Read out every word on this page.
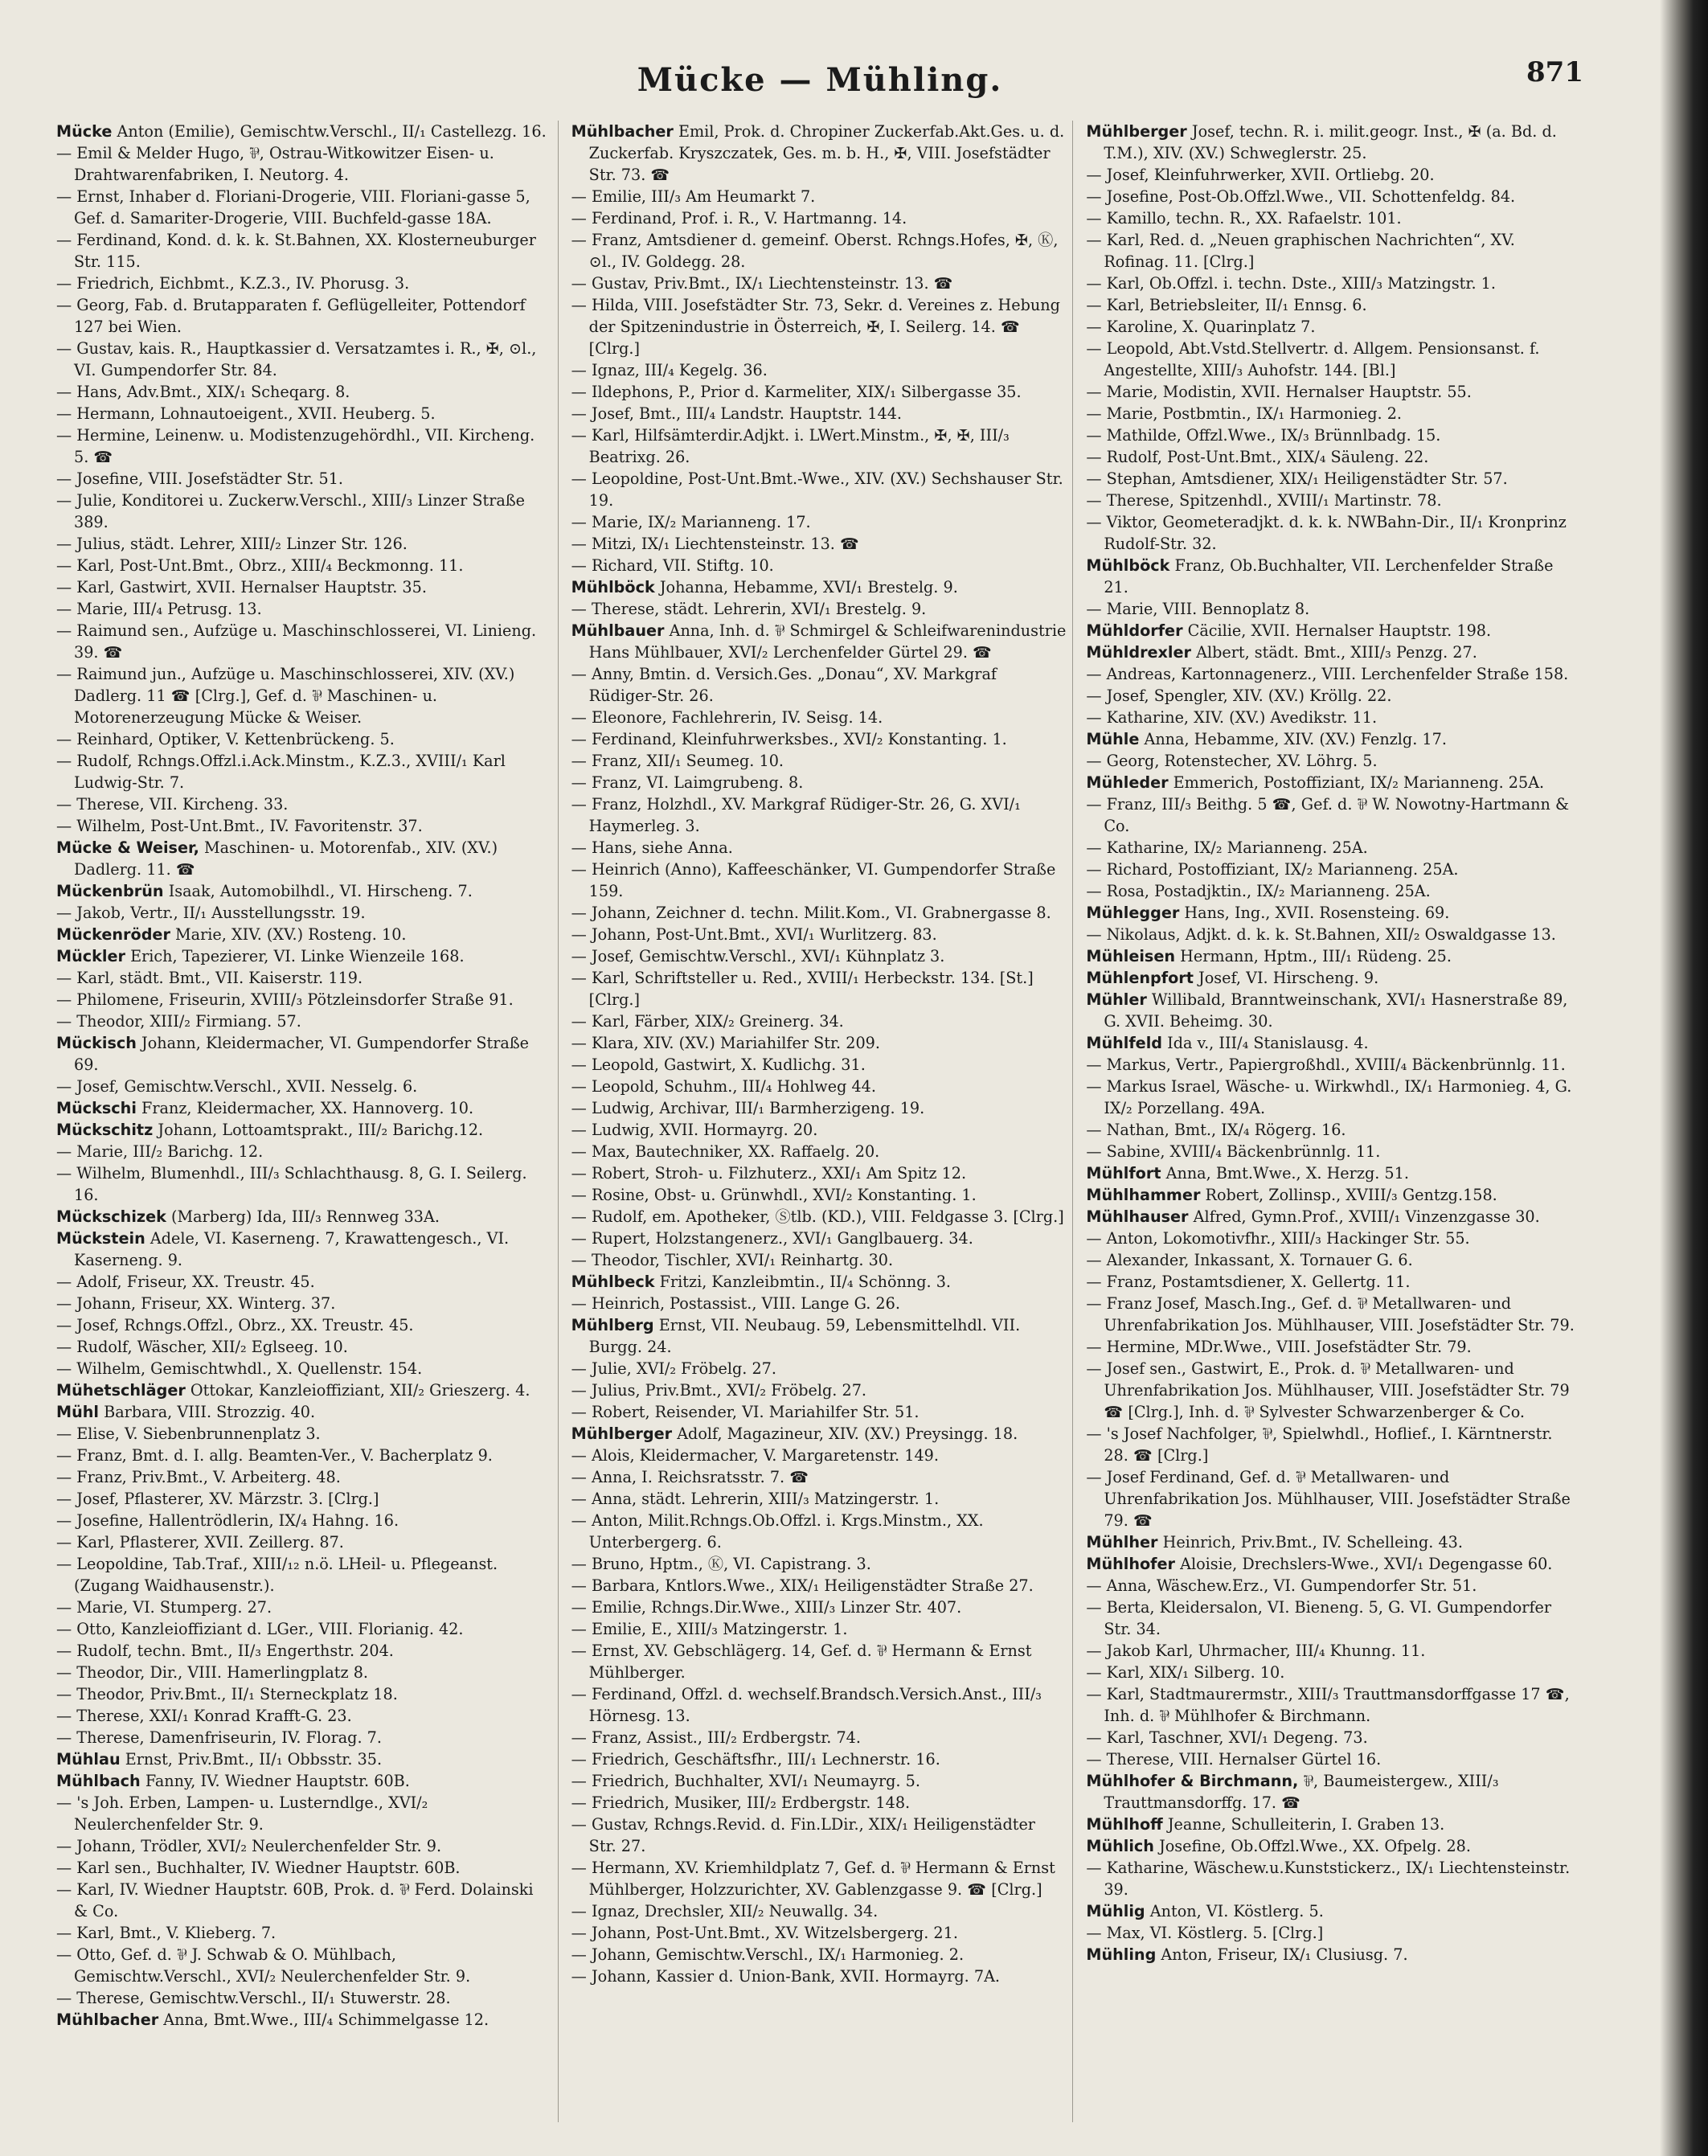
Mücke — Mühling.	871

Mücke Anton (Emilie), Gemischtw.Verschl., II/₁ Castellezg. 16.

— Emil & Melder Hugo, ⅌, Ostrau-Witkowitzer Eisen- u. Drahtwarenfabriken, I. Neutorg. 4.

— Ernst, Inhaber d. Floriani-Drogerie, VIII. Floriani-gasse 5, Gef. d. Samariter-Drogerie, VIII. Buchfeld-gasse 18A.

— Ferdinand, Kond. d. k. k. St.Bahnen, XX. Klosterneuburger Str. 115.

— Friedrich, Eichbmt., K.Z.3., IV. Phorusg. 3.

— Georg, Fab. d. Brutapparaten f. Geflügelleiter, Pottendorf 127 bei Wien.

— Gustav, kais. R., Hauptkassier d. Versatzamtes i. R., ✠, ⊙l., VI. Gumpendorfer Str. 84.

— Hans, Adv.Bmt., XIX/₁ Scheqarg. 8.

— Hermann, Lohnautoeigent., XVII. Heuberg. 5.

— Hermine, Leinenw. u. Modistenzugehördhl., VII. Kircheng. 5. ☎

— Josefine, VIII. Josefstädter Str. 51.

— Julie, Konditorei u. Zuckerw.Verschl., XIII/₃ Linzer Straße 389.

— Julius, städt. Lehrer, XIII/₂ Linzer Str. 126.

— Karl, Post-Unt.Bmt., Obrz., XIII/₄ Beckmonng. 11.

— Karl, Gastwirt, XVII. Hernalser Hauptstr. 35.

— Marie, III/₄ Petrusg. 13.

— Raimund sen., Aufzüge u. Maschinschlosserei, VI. Linieng. 39. ☎

— Raimund jun., Aufzüge u. Maschinschlosserei, XIV. (XV.) Dadlerg. 11 ☎ [Clrg.], Gef. d. ⅌ Maschinen- u. Motorenerzeugung Mücke & Weiser.

— Reinhard, Optiker, V. Kettenbrückeng. 5.

— Rudolf, Rchngs.Offzl.i.Ack.Minstm., K.Z.3., XVIII/₁ Karl Ludwig-Str. 7.

— Therese, VII. Kircheng. 33.

— Wilhelm, Post-Unt.Bmt., IV. Favoritenstr. 37.

Mücke & Weiser, Maschinen- u. Motorenfab., XIV. (XV.) Dadlerg. 11. ☎

Mückenbrün Isaak, Automobilhdl., VI. Hirscheng. 7.

— Jakob, Vertr., II/₁ Ausstellungsstr. 19.

Mückenröder Marie, XIV. (XV.) Rosteng. 10.

Mückler Erich, Tapezierer, VI. Linke Wienzeile 168.

— Karl, städt. Bmt., VII. Kaiserstr. 119.

— Philomene, Friseurin, XVIII/₃ Pötzleinsdorfer Straße 91.

— Theodor, XIII/₂ Firmiang. 57.

Mückisch Johann, Kleidermacher, VI. Gumpendorfer Straße 69.

— Josef, Gemischtw.Verschl., XVII. Nesselg. 6.

Mückschi Franz, Kleidermacher, XX. Hannoverg. 10.

Mückschitz Johann, Lottoamtsprakt., III/₂ Barichg.12.

— Marie, III/₂ Barichg. 12.

— Wilhelm, Blumenhdl., III/₃ Schlachthausg. 8, G. I. Seilerg. 16.

Mückschizek (Marberg) Ida, III/₃ Rennweg 33A.

Mückstein Adele, VI. Kaserneng. 7, Krawattengesch., VI. Kaserneng. 9.

— Adolf, Friseur, XX. Treustr. 45.

— Johann, Friseur, XX. Winterg. 37.

— Josef, Rchngs.Offzl., Obrz., XX. Treustr. 45.

— Rudolf, Wäscher, XII/₂ Eglseeg. 10.

— Wilhelm, Gemischtwhdl., X. Quellenstr. 154.

Mühetschläger Ottokar, Kanzleioffiziant, XII/₂ Grieszerg. 4.

Mühl Barbara, VIII. Strozzig. 40.

— Elise, V. Siebenbrunnenplatz 3.

— Franz, Bmt. d. I. allg. Beamten-Ver., V. Bacherplatz 9.

— Franz, Priv.Bmt., V. Arbeiterg. 48.

— Josef, Pflasterer, XV. Märzstr. 3. [Clrg.]

— Josefine, Hallentrödlerin, IX/₄ Hahng. 16.

— Karl, Pflasterer, XVII. Zeillerg. 87.

— Leopoldine, Tab.Traf., XIII/₁₂ n.ö. LHeil- u. Pflegeanst. (Zugang Waidhausenstr.).

— Marie, VI. Stumperg. 27.

— Otto, Kanzleioffiziant d. LGer., VIII. Florianig. 42.

— Rudolf, techn. Bmt., II/₃ Engerthstr. 204.

— Theodor, Dir., VIII. Hamerlingplatz 8.

— Theodor, Priv.Bmt., II/₁ Sterneckplatz 18.

— Therese, XXI/₁ Konrad Krafft-G. 23.

— Therese, Damenfriseurin, IV. Florag. 7.

Mühlau Ernst, Priv.Bmt., II/₁ Obbsstr. 35.

Mühlbach Fanny, IV. Wiedner Hauptstr. 60B.

— 's Joh. Erben, Lampen- u. Lusterndlge., XVI/₂ Neulerchenfelder Str. 9.

— Johann, Trödler, XVI/₂ Neulerchenfelder Str. 9.

— Karl sen., Buchhalter, IV. Wiedner Hauptstr. 60B.

— Karl, IV. Wiedner Hauptstr. 60B, Prok. d. ⅌ Ferd. Dolainski & Co.

— Karl, Bmt., V. Klieberg. 7.

— Otto, Gef. d. ⅌ J. Schwab & O. Mühlbach, Gemischtw.Verschl., XVI/₂ Neulerchenfelder Str. 9.

— Therese, Gemischtw.Verschl., II/₁ Stuwerstr. 28.

Mühlbacher Anna, Bmt.Wwe., III/₄ Schimmelgasse 12.

Mühlbacher Emil, Prok. d. Chropiner Zuckerfab.Akt.Ges. u. d. Zuckerfab. Kryszczatek, Ges. m. b. H., ✠, VIII. Josefstädter Str. 73. ☎

— Emilie, III/₃ Am Heumarkt 7.

— Ferdinand, Prof. i. R., V. Hartmanng. 14.

— Franz, Amtsdiener d. gemeinf. Oberst. Rchngs.Hofes, ✠, Ⓚ, ⊙l., IV. Goldegg. 28.

— Gustav, Priv.Bmt., IX/₁ Liechtensteinstr. 13. ☎

— Hilda, VIII. Josefstädter Str. 73, Sekr. d. Vereines z. Hebung der Spitzenindustrie in Österreich, ✠, I. Seilerg. 14. ☎ [Clrg.]

— Ignaz, III/₄ Kegelg. 36.

— Ildephons, P., Prior d. Karmeliter, XIX/₁ Silbergasse 35.

— Josef, Bmt., III/₄ Landstr. Hauptstr. 144.

— Karl, Hilfsämterdir.Adjkt. i. LWert.Minstm., ✠, ✠, III/₃ Beatrixg. 26.

— Leopoldine, Post-Unt.Bmt.-Wwe., XIV. (XV.) Sechshauser Str. 19.

— Marie, IX/₂ Marianneng. 17.

— Mitzi, IX/₁ Liechtensteinstr. 13. ☎

— Richard, VII. Stiftg. 10.

Mühlböck Johanna, Hebamme, XVI/₁ Brestelg. 9.

— Therese, städt. Lehrerin, XVI/₁ Brestelg. 9.

Mühlbauer Anna, Inh. d. ⅌ Schmirgel & Schleifwarenindustrie Hans Mühlbauer, XVI/₂ Lerchenfelder Gürtel 29. ☎

— Anny, Bmtin. d. Versich.Ges. „Donau“, XV. Markgraf Rüdiger-Str. 26.

— Eleonore, Fachlehrerin, IV. Seisg. 14.

— Ferdinand, Kleinfuhrwerksbes., XVI/₂ Konstanting. 1.

— Franz, XII/₁ Seumeg. 10.

— Franz, VI. Laimgrubeng. 8.

— Franz, Holzhdl., XV. Markgraf Rüdiger-Str. 26, G. XVI/₁ Haymerleg. 3.

— Hans, siehe Anna.

— Heinrich (Anno), Kaffeeschänker, VI. Gumpendorfer Straße 159.

— Johann, Zeichner d. techn. Milit.Kom., VI. Grabnergasse 8.

— Johann, Post-Unt.Bmt., XVI/₁ Wurlitzerg. 83.

— Josef, Gemischtw.Verschl., XVI/₁ Kühnplatz 3.

— Karl, Schriftsteller u. Red., XVIII/₁ Herbeckstr. 134. [St.] [Clrg.]

— Karl, Färber, XIX/₂ Greinerg. 34.

— Klara, XIV. (XV.) Mariahilfer Str. 209.

— Leopold, Gastwirt, X. Kudlichg. 31.

— Leopold, Schuhm., III/₄ Hohlweg 44.

— Ludwig, Archivar, III/₁ Barmherzigeng. 19.

— Ludwig, XVII. Hormayrg. 20.

— Max, Bautechniker, XX. Raffaelg. 20.

— Robert, Stroh- u. Filzhuterz., XXI/₁ Am Spitz 12.

— Rosine, Obst- u. Grünwhdl., XVI/₂ Konstanting. 1.

— Rudolf, em. Apotheker, Ⓢtlb. (KD.), VIII. Feldgasse 3. [Clrg.]

— Rupert, Holzstangenerz., XVI/₁ Ganglbauerg. 34.

— Theodor, Tischler, XVI/₁ Reinhartg. 30.

Mühlbeck Fritzi, Kanzleibmtin., II/₄ Schönng. 3.

— Heinrich, Postassist., VIII. Lange G. 26.

Mühlberg Ernst, VII. Neubaug. 59, Lebensmittelhdl. VII. Burgg. 24.

— Julie, XVI/₂ Fröbelg. 27.

— Julius, Priv.Bmt., XVI/₂ Fröbelg. 27.

— Robert, Reisender, VI. Mariahilfer Str. 51.

Mühlberger Adolf, Magazineur, XIV. (XV.) Preysingg. 18.

— Alois, Kleidermacher, V. Margaretenstr. 149.

— Anna, I. Reichsratsstr. 7. ☎

— Anna, städt. Lehrerin, XIII/₃ Matzingerstr. 1.

— Anton, Milit.Rchngs.Ob.Offzl. i. Krgs.Minstm., XX. Unterbergerg. 6.

— Bruno, Hptm., Ⓚ, VI. Capistrang. 3.

— Barbara, Kntlors.Wwe., XIX/₁ Heiligenstädter Straße 27.

— Emilie, Rchngs.Dir.Wwe., XIII/₃ Linzer Str. 407.

— Emilie, E., XIII/₃ Matzingerstr. 1.

— Ernst, XV. Gebschlägerg. 14, Gef. d. ⅌ Hermann & Ernst Mühlberger.

— Ferdinand, Offzl. d. wechself.Brandsch.Versich.Anst., III/₃ Hörnesg. 13.

— Franz, Assist., III/₂ Erdbergstr. 74.

— Friedrich, Geschäftsfhr., III/₁ Lechnerstr. 16.

— Friedrich, Buchhalter, XVI/₁ Neumayrg. 5.

— Friedrich, Musiker, III/₂ Erdbergstr. 148.

— Gustav, Rchngs.Revid. d. Fin.LDir., XIX/₁ Heiligenstädter Str. 27.

— Hermann, XV. Kriemhildplatz 7, Gef. d. ⅌ Hermann & Ernst Mühlberger, Holzzurichter, XV. Gablenzgasse 9. ☎ [Clrg.]

— Ignaz, Drechsler, XII/₂ Neuwallg. 34.

— Johann, Post-Unt.Bmt., XV. Witzelsbergerg. 21.

— Johann, Gemischtw.Verschl., IX/₁ Harmonieg. 2.

— Johann, Kassier d. Union-Bank, XVII. Hormayrg. 7A.

Mühlberger Josef, techn. R. i. milit.geogr. Inst., ✠ (a. Bd. d. T.M.), XIV. (XV.) Schweglerstr. 25.

— Josef, Kleinfuhrwerker, XVII. Ortliebg. 20.

— Josefine, Post-Ob.Offzl.Wwe., VII. Schottenfeldg. 84.

— Kamillo, techn. R., XX. Rafaelstr. 101.

— Karl, Red. d. „Neuen graphischen Nachrichten“, XV. Rofinag. 11. [Clrg.]

— Karl, Ob.Offzl. i. techn. Dste., XIII/₃ Matzingstr. 1.

— Karl, Betriebsleiter, II/₁ Ennsg. 6.

— Karoline, X. Quarinplatz 7.

— Leopold, Abt.Vstd.Stellvertr. d. Allgem. Pensionsanst. f. Angestellte, XIII/₃ Auhofstr. 144. [Bl.]

— Marie, Modistin, XVII. Hernalser Hauptstr. 55.

— Marie, Postbmtin., IX/₁ Harmonieg. 2.

— Mathilde, Offzl.Wwe., IX/₃ Brünnlbadg. 15.

— Rudolf, Post-Unt.Bmt., XIX/₄ Säuleng. 22.

— Stephan, Amtsdiener, XIX/₁ Heiligenstädter Str. 57.

— Therese, Spitzenhdl., XVIII/₁ Martinstr. 78.

— Viktor, Geometeradjkt. d. k. k. NWBahn-Dir., II/₁ Kronprinz Rudolf-Str. 32.

Mühlböck Franz, Ob.Buchhalter, VII. Lerchenfelder Straße 21.

— Marie, VIII. Bennoplatz 8.

Mühldorfer Cäcilie, XVII. Hernalser Hauptstr. 198.

Mühldrexler Albert, städt. Bmt., XIII/₃ Penzg. 27.

— Andreas, Kartonnagenerz., VIII. Lerchenfelder Straße 158.

— Josef, Spengler, XIV. (XV.) Kröllg. 22.

— Katharine, XIV. (XV.) Avedikstr. 11.

Mühle Anna, Hebamme, XIV. (XV.) Fenzlg. 17.

— Georg, Rotenstecher, XV. Löhrg. 5.

Mühleder Emmerich, Postoffiziant, IX/₂ Marianneng. 25A.

— Franz, III/₃ Beithg. 5 ☎, Gef. d. ⅌ W. Nowotny-Hartmann & Co.

— Katharine, IX/₂ Marianneng. 25A.

— Richard, Postoffiziant, IX/₂ Marianneng. 25A.

— Rosa, Postadjktin., IX/₂ Marianneng. 25A.

Mühlegger Hans, Ing., XVII. Rosensteing. 69.

— Nikolaus, Adjkt. d. k. k. St.Bahnen, XII/₂ Oswaldgasse 13.

Mühleisen Hermann, Hptm., III/₁ Rüdeng. 25.

Mühlenpfort Josef, VI. Hirscheng. 9.

Mühler Willibald, Branntweinschank, XVI/₁ Hasnerstraße 89, G. XVII. Beheimg. 30.

Mühlfeld Ida v., III/₄ Stanislausg. 4.

— Markus, Vertr., Papiergroßhdl., XVIII/₄ Bäckenbrünnlg. 11.

— Markus Israel, Wäsche- u. Wirkwhdl., IX/₁ Harmonieg. 4, G. IX/₂ Porzellang. 49A.

— Nathan, Bmt., IX/₄ Rögerg. 16.

— Sabine, XVIII/₄ Bäckenbrünnlg. 11.

Mühlfort Anna, Bmt.Wwe., X. Herzg. 51.

Mühlhammer Robert, Zollinsp., XVIII/₃ Gentzg.158.

Mühlhauser Alfred, Gymn.Prof., XVIII/₁ Vinzenzgasse 30.

— Anton, Lokomotivfhr., XIII/₃ Hackinger Str. 55.

— Alexander, Inkassant, X. Tornauer G. 6.

— Franz, Postamtsdiener, X. Gellertg. 11.

— Franz Josef, Masch.Ing., Gef. d. ⅌ Metallwaren- und Uhrenfabrikation Jos. Mühlhauser, VIII. Josefstädter Str. 79.

— Hermine, MDr.Wwe., VIII. Josefstädter Str. 79.

— Josef sen., Gastwirt, E., Prok. d. ⅌ Metallwaren- und Uhrenfabrikation Jos. Mühlhauser, VIII. Josefstädter Str. 79 ☎ [Clrg.], Inh. d. ⅌ Sylvester Schwarzenberger & Co.

— 's Josef Nachfolger, ⅌, Spielwhdl., Hoflief., I. Kärntnerstr. 28. ☎ [Clrg.]

— Josef Ferdinand, Gef. d. ⅌ Metallwaren- und Uhrenfabrikation Jos. Mühlhauser, VIII. Josefstädter Straße 79. ☎

Mühlher Heinrich, Priv.Bmt., IV. Schelleing. 43.

Mühlhofer Aloisie, Drechslers-Wwe., XVI/₁ Degengasse 60.

— Anna, Wäschew.Erz., VI. Gumpendorfer Str. 51.

— Berta, Kleidersalon, VI. Bieneng. 5, G. VI. Gumpendorfer Str. 34.

— Jakob Karl, Uhrmacher, III/₄ Khunng. 11.

— Karl, XIX/₁ Silberg. 10.

— Karl, Stadtmaurermstr., XIII/₃ Trauttmansdorffgasse 17 ☎, Inh. d. ⅌ Mühlhofer & Birchmann.

— Karl, Taschner, XVI/₁ Degeng. 73.

— Therese, VIII. Hernalser Gürtel 16.

Mühlhofer & Birchmann, ⅌, Baumeistergew., XIII/₃ Trauttmansdorffg. 17. ☎

Mühlhoff Jeanne, Schulleiterin, I. Graben 13.

Mühlich Josefine, Ob.Offzl.Wwe., XX. Ofpelg. 28.

— Katharine, Wäschew.u.Kunststickerz., IX/₁ Liechtensteinstr. 39.

Mühlig Anton, VI. Köstlerg. 5.

— Max, VI. Köstlerg. 5. [Clrg.]

Mühling Anton, Friseur, IX/₁ Clusiusg. 7.
